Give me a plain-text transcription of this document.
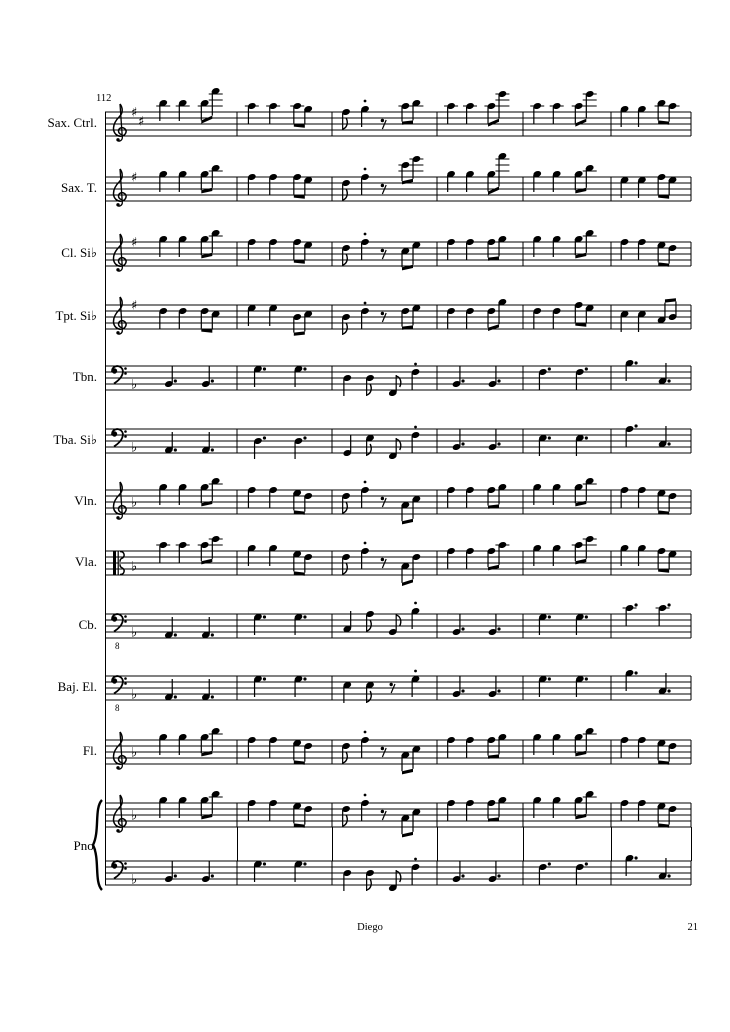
112
Sax. Ctrl.
♯
♯
Sax. T.
♯
Cl. Si♭
♯
Tpt. Si♭
♯
Tbn.
♭
Tba. Si♭
♭
Vln.	♭
Vla.	♭
Cb.
8
♭
Baj. El.
8
♭
Fl.	♭
Pno.
♭
♭
Diego	21
